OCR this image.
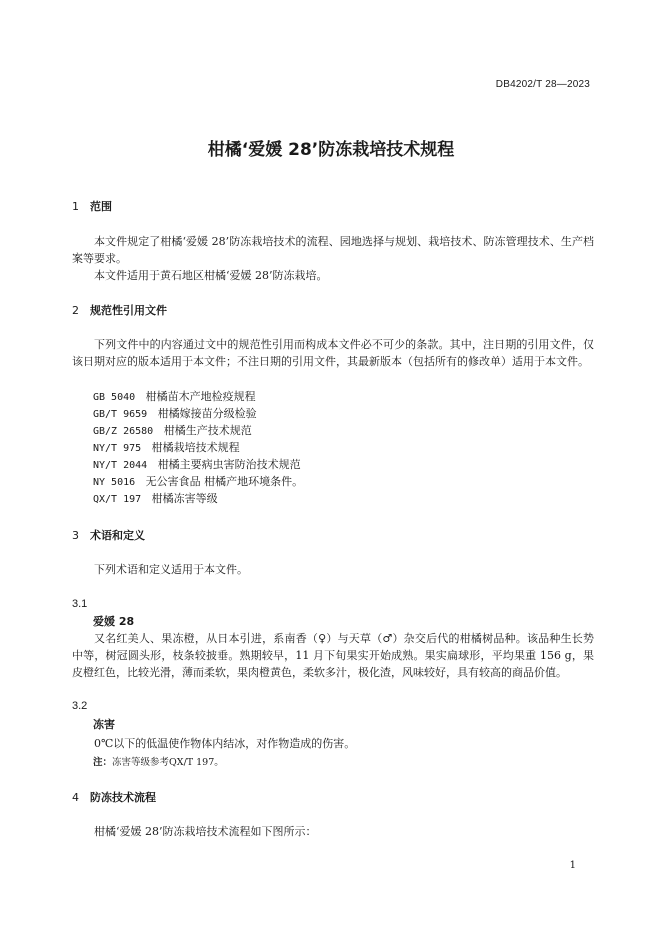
DB4202/T 28—2023
柑橘‘爱媛 28’防冻栽培技术规程
1 范围
本文件规定了柑橘‘爱媛 28’防冻栽培技术的流程、园地选择与规划、栽培技术、防冻管理技术、生产档案等要求。
本文件适用于黄石地区柑橘‘爱媛 28’防冻栽培。
2 规范性引用文件
下列文件中的内容通过文中的规范性引用而构成本文件必不可少的条款。其中，注日期的引用文件，仅该日期对应的版本适用于本文件；不注日期的引用文件，其最新版本（包括所有的修改单）适用于本文件。
GB 5040 柑橘苗木产地检疫规程
GB/T 9659 柑橘嫁接苗分级检验
GB/Z 26580 柑橘生产技术规范
NY/T 975 柑橘栽培技术规程
NY/T 2044 柑橘主要病虫害防治技术规范
NY 5016 无公害食品 柑橘产地环境条件。
QX/T 197 柑橘冻害等级
3 术语和定义
下列术语和定义适用于本文件。
3.1
爱媛 28
又名红美人、果冻橙，从日本引进，系南香（♀）与天草（♂）杂交后代的柑橘树品种。该品种生长势中等，树冠圆头形，枝条较披垂。熟期较早，11 月下旬果实开始成熟。果实扁球形，平均果重 156 g，果皮橙红色，比较光滑，薄而柔软，果肉橙黄色，柔软多汁，极化渣，风味较好，具有较高的商品价值。
3.2
冻害
0℃以下的低温使作物体内结冰，对作物造成的伤害。
注：冻害等级参考QX/T 197。
4 防冻技术流程
柑橘‘爱媛 28’防冻栽培技术流程如下图所示：
1
